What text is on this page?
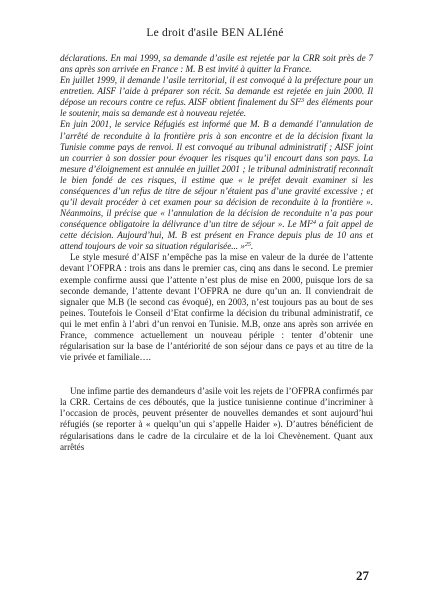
Le droit d'asile BEN ALIéné

déclarations. En mai 1999, sa demande d’asile est rejetée par la CRR soit près de 7 ans après son arrivée en France : M. B est invité à quitter la France.

En juillet 1999, il demande l’asile territorial, il est convoqué à la préfecture pour un entretien. AISF l’aide à préparer son récit. Sa demande est rejetée en juin 2000. Il dépose un recours contre ce refus. AISF obtient finalement du SI$^{23}$ des éléments pour le soutenir, mais sa demande est à nouveau rejetée.

En juin 2001, le service Réfugiés est informé que M. B a demandé l’annulation de l’arrêté de reconduite à la frontière pris à son encontre et de la décision fixant la Tunisie comme pays de renvoi. Il est convoqué au tribunal administratif ; AISF joint un courrier à son dossier pour évoquer les risques qu’il encourt dans son pays. La mesure d’éloignement est annulée en juillet 2001 ; le tribunal administratif reconnaît le bien fondé de ces risques, il estime que « le préfet devait examiner si les conséquences d’un refus de titre de séjour n’étaient pas d’une gravité excessive ; et qu’il devait procéder à cet examen pour sa décision de reconduite à la frontière ». Néanmoins, il précise que « l’annulation de la décision de reconduite n’a pas pour conséquence obligatoire la délivrance d’un titre de séjour ». Le MI$^{24}$ a fait appel de cette décision. Aujourd’hui, M. B est présent en France depuis plus de 10 ans et attend toujours de voir sa situation régularisée... »$^{25}$.

Le style mesuré d’AISF n’empêche pas la mise en valeur de la durée de l’attente devant l’OFPRA : trois ans dans le premier cas, cinq ans dans le second. Le premier exemple confirme aussi que l’attente n’est plus de mise en 2000, puisque lors de sa seconde demande, l’attente devant l’OFPRA ne dure qu’un an. Il conviendrait de signaler que M.B (le second cas évoqué), en 2003, n’est toujours pas au bout de ses peines. Toutefois le Conseil d’Etat confirme la décision du tribunal administratif, ce qui le met enfin à l’abri d’un renvoi en Tunisie. M.B, onze ans après son arrivée en France, commence actuellement un nouveau périple : tenter d’obtenir une régularisation sur la base de l’antériorité de son séjour dans ce pays et au titre de la vie privée et familiale….

Une infime partie des demandeurs d’asile voit les rejets de l’OFPRA confirmés par la CRR. Certains de ces déboutés, que la justice tunisienne continue d’incriminer à l’occasion de procès, peuvent présenter de nouvelles demandes et sont aujourd’hui réfugiés (se reporter à « quelqu’un qui s’appelle Haider »). D’autres bénéficient de régularisations dans le cadre de la circulaire et de la loi Chevènement. Quant aux arrêtés

27
